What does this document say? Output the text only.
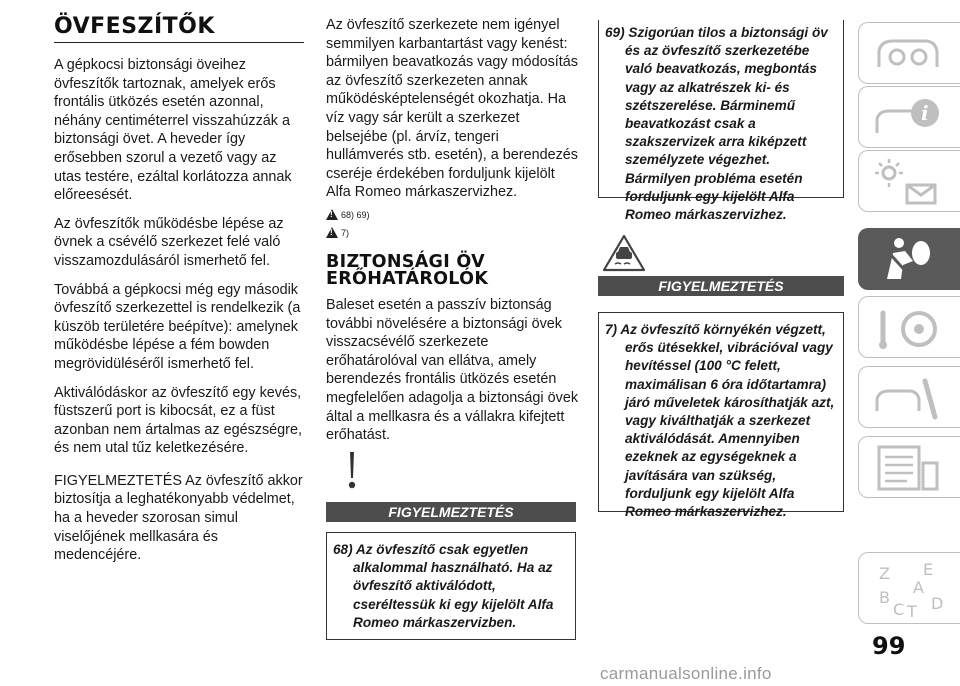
ÖVFESZÍTŐK

A gépkocsi biztonsági öveihez övfeszítők tartoznak, amelyek erős frontális ütközés esetén azonnal, néhány centiméterrel visszahúzzák a biztonsági övet. A heveder így erősebben szorul a vezető vagy az utas testére, ezáltal korlátozza annak előreesését.

Az övfeszítők működésbe lépése az övnek a csévélő szerkezet felé való visszamozdulásáról ismerhető fel.

Továbbá a gépkocsi még egy második övfeszítő szerkezettel is rendelkezik (a küszöb területére beépítve): amelynek működésbe lépése a fém bowden megrövidüléséről ismerhető fel.

Aktiválódáskor az övfeszítő egy kevés, füstszerű port is kibocsát, ez a füst azonban nem ártalmas az egészségre, és nem utal tűz keletkezésére.

FIGYELMEZTETÉS Az övfeszítő akkor biztosítja a leghatékonyabb védelmet, ha a heveder szorosan simul viselőjének mellkasára és medencéjére.

Az övfeszítő szerkezete nem igényel semmilyen karbantartást vagy kenést: bármilyen beavatkozás vagy módosítás az övfeszítő szerkezeten annak működésképtelenségét okozhatja. Ha víz vagy sár került a szerkezet belsejébe (pl. árvíz, tengeri hullámverés stb. esetén), a berendezés cseréje érdekében forduljunk kijelölt Alfa Romeo márkaszervizhez.

!
68) 69)
!
7)
BIZTONSÁGI ÖV
ERŐHATÁROLÓK

Baleset esetén a passzív biztonság további növelésére a biztonsági övek visszacsévélő szerkezete erőhatárolóval van ellátva, amely berendezés frontális ütközés esetén megfelelően adagolja a biztonsági övek által a mellkasra és a vállakra kifejtett erőhatást.

FIGYELMEZTETÉS

68) Az övfeszítő csak egyetlen alkalommal használható. Ha az övfeszítő aktiválódott, cseréltessük ki egy kijelölt Alfa Romeo márkaszervizben.

69) Szigorúan tilos a biztonsági öv és az övfeszítő szerkezetébe való beavatkozás, megbontás vagy az alkatrészek ki- és szétszerelése. Bárminemű beavatkozást csak a szakszervizek arra kiképzett személyzete végezhet. Bármilyen probléma esetén forduljunk egy kijelölt Alfa Romeo márkaszervizhez.

FIGYELMEZTETÉS

7) Az övfeszítő környékén végzett, erős ütésekkel, vibrációval vagy hevítéssel (100 °C felett, maximálisan 6 óra időtartamra) járó műveletek károsíthatják azt, vagy kiválthatják a szerkezet aktiválódását. Amennyiben ezeknek az egységeknek a javítására van szükség, forduljunk egy kijelölt Alfa Romeo márkaszervizhez.

i
Z E
A
B
C T D
99
carmanualsonline.info
